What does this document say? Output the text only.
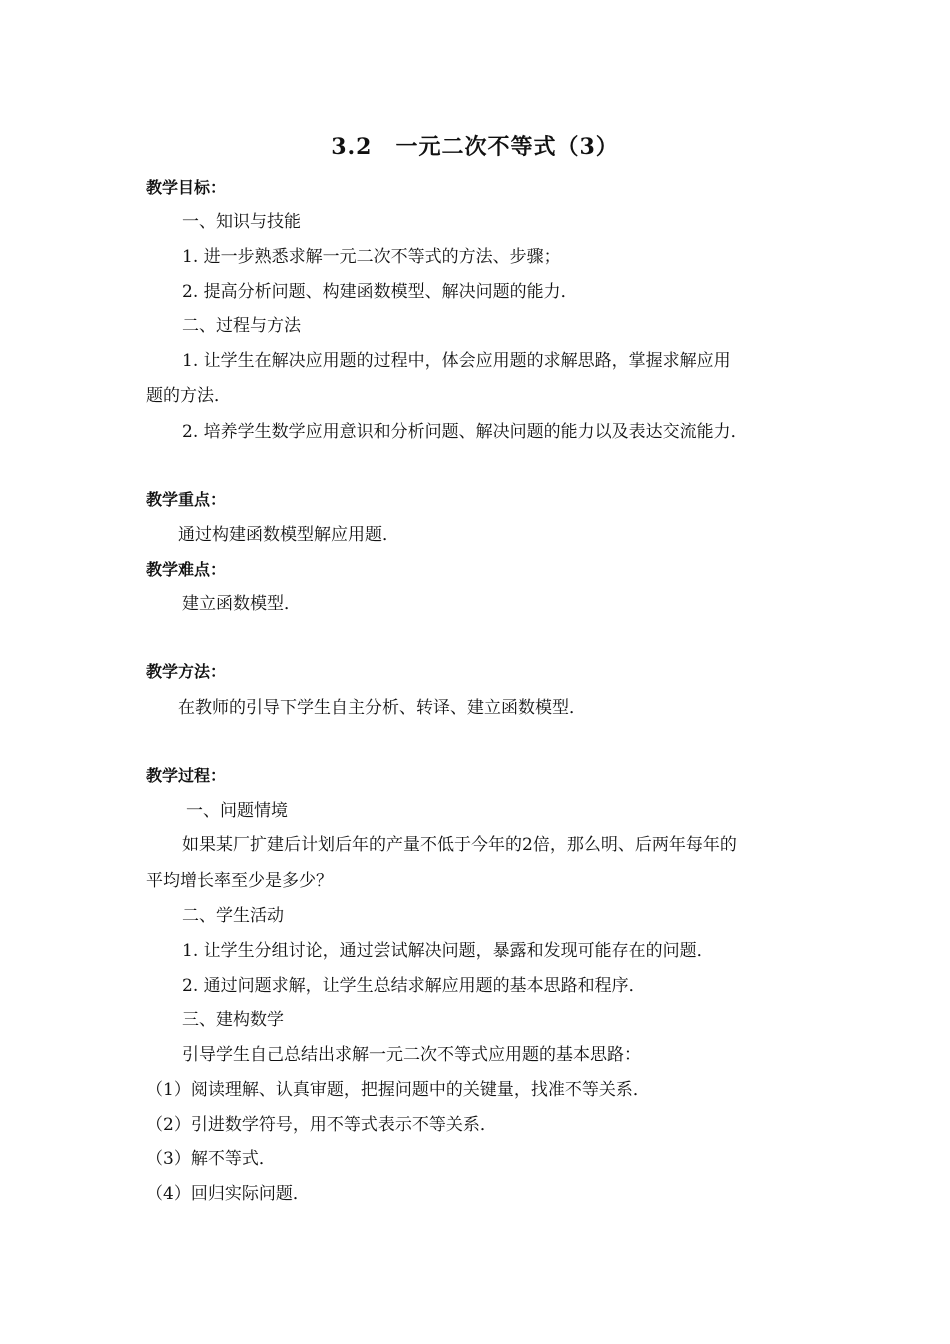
3.2　一元二次不等式（3）
教学目标：
一、知识与技能
1. 进一步熟悉求解一元二次不等式的方法、步骤；
2. 提高分析问题、构建函数模型、解决问题的能力．
二、过程与方法
1. 让学生在解决应用题的过程中，体会应用题的求解思路，掌握求解应用
题的方法．
2. 培养学生数学应用意识和分析问题、解决问题的能力以及表达交流能力．
教学重点：
通过构建函数模型解应用题．
教学难点：
建立函数模型．
教学方法：
在教师的引导下学生自主分析、转译、建立函数模型．
教学过程：
一、问题情境
如果某厂扩建后计划后年的产量不低于今年的2倍，那么明、后两年每年的
平均增长率至少是多少？
二、学生活动
1. 让学生分组讨论，通过尝试解决问题，暴露和发现可能存在的问题．
2. 通过问题求解，让学生总结求解应用题的基本思路和程序．
三、建构数学
引导学生自己总结出求解一元二次不等式应用题的基本思路：
（1）阅读理解、认真审题，把握问题中的关键量，找准不等关系．
（2）引进数学符号，用不等式表示不等关系．
（3）解不等式．
（4）回归实际问题．
